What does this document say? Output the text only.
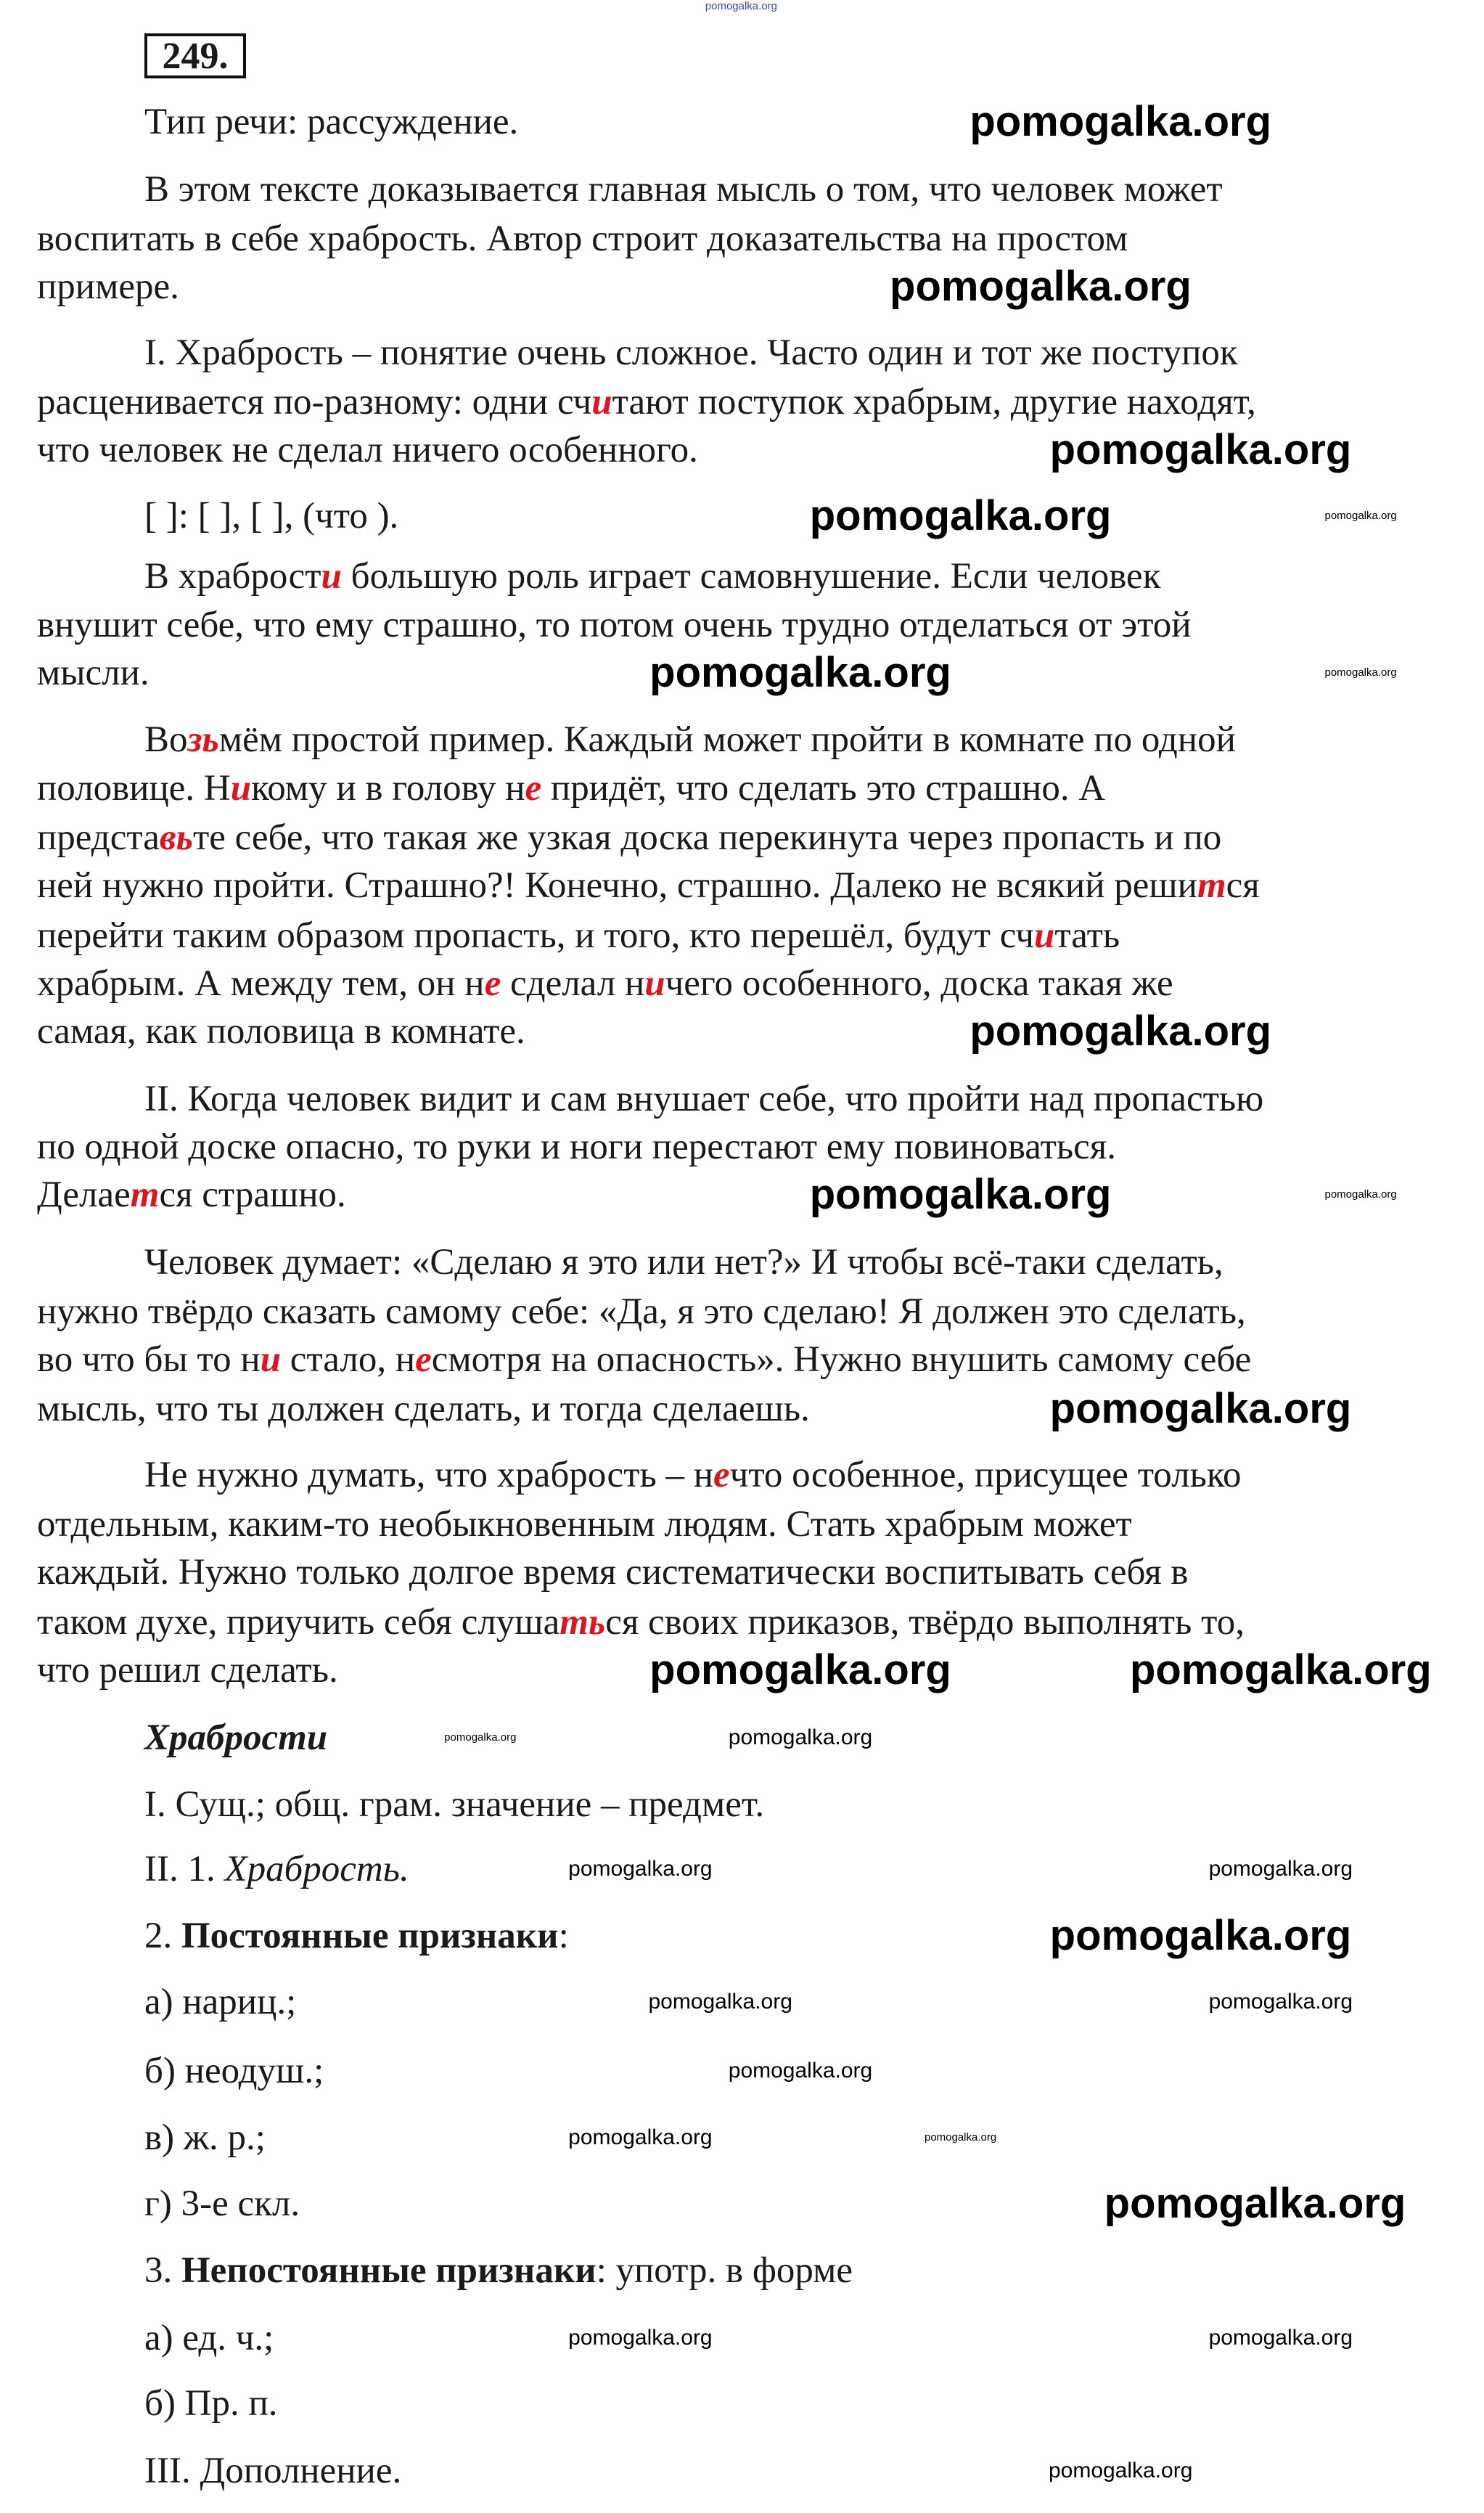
249.
Тип речи: рассуждение.
В этом тексте доказывается главная мысль о том, что человек может
воспитать в себе храбрость. Автор строит доказательства на простом
примере.
I. Храбрость – понятие очень сложное. Часто один и тот же поступок
расценивается по-разному: одни считают поступок храбрым, другие находят,
что человек не сделал ничего особенного.
[ ]: [ ], [ ], (что ).
В храбрости большую роль играет самовнушение. Если человек
внушит себе, что ему страшно, то потом очень трудно отделаться от этой
мысли.
Возьмём простой пример. Каждый может пройти в комнате по одной
половице. Никому и в голову не придёт, что сделать это страшно. А
представьте себе, что такая же узкая доска перекинута через пропасть и по
ней нужно пройти. Страшно?! Конечно, страшно. Далеко не всякий решится
перейти таким образом пропасть, и того, кто перешёл, будут считать
храбрым. А между тем, он не сделал ничего особенного, доска такая же
самая, как половица в комнате.
II. Когда человек видит и сам внушает себе, что пройти над пропастью
по одной доске опасно, то руки и ноги перестают ему повиноваться.
Делается страшно.
Человек думает: «Сделаю я это или нет?» И чтобы всё-таки сделать,
нужно твёрдо сказать самому себе: «Да, я это сделаю! Я должен это сделать,
во что бы то ни стало, несмотря на опасность». Нужно внушить самому себе
мысль, что ты должен сделать, и тогда сделаешь.
Не нужно думать, что храбрость – нечто особенное, присущее только
отдельным, каким-то необыкновенным людям. Стать храбрым может
каждый. Нужно только долгое время систематически воспитывать себя в
таком духе, приучить себя слушаться своих приказов, твёрдо выполнять то,
что решил сделать.
Храбрости
I. Сущ.; общ. грам. значение – предмет.
II. 1. Храбрость.
2. Постоянные признаки:
а) нариц.;
б) неодуш.;
в) ж. р.;
г) 3-е скл.
3. Непостоянные признаки: употр. в форме
а) ед. ч.;
б) Пр. п.
III. Дополнение.
pomogalka.org
pomogalka.org
pomogalka.org
pomogalka.org
pomogalka.org
pomogalka.org
pomogalka.org
pomogalka.org
pomogalka.org	pomogalka.org
pomogalka.org
pomogalka.org
pomogalka.org
pomogalka.org	pomogalka.org
pomogalka.org	pomogalka.org
pomogalka.org
pomogalka.org
pomogalka.org	pomogalka.org
pomogalka.org
pomogalka.org
pomogalka.org
pomogalka.org
pomogalka.org
pomogalka.org
pomogalka.org
